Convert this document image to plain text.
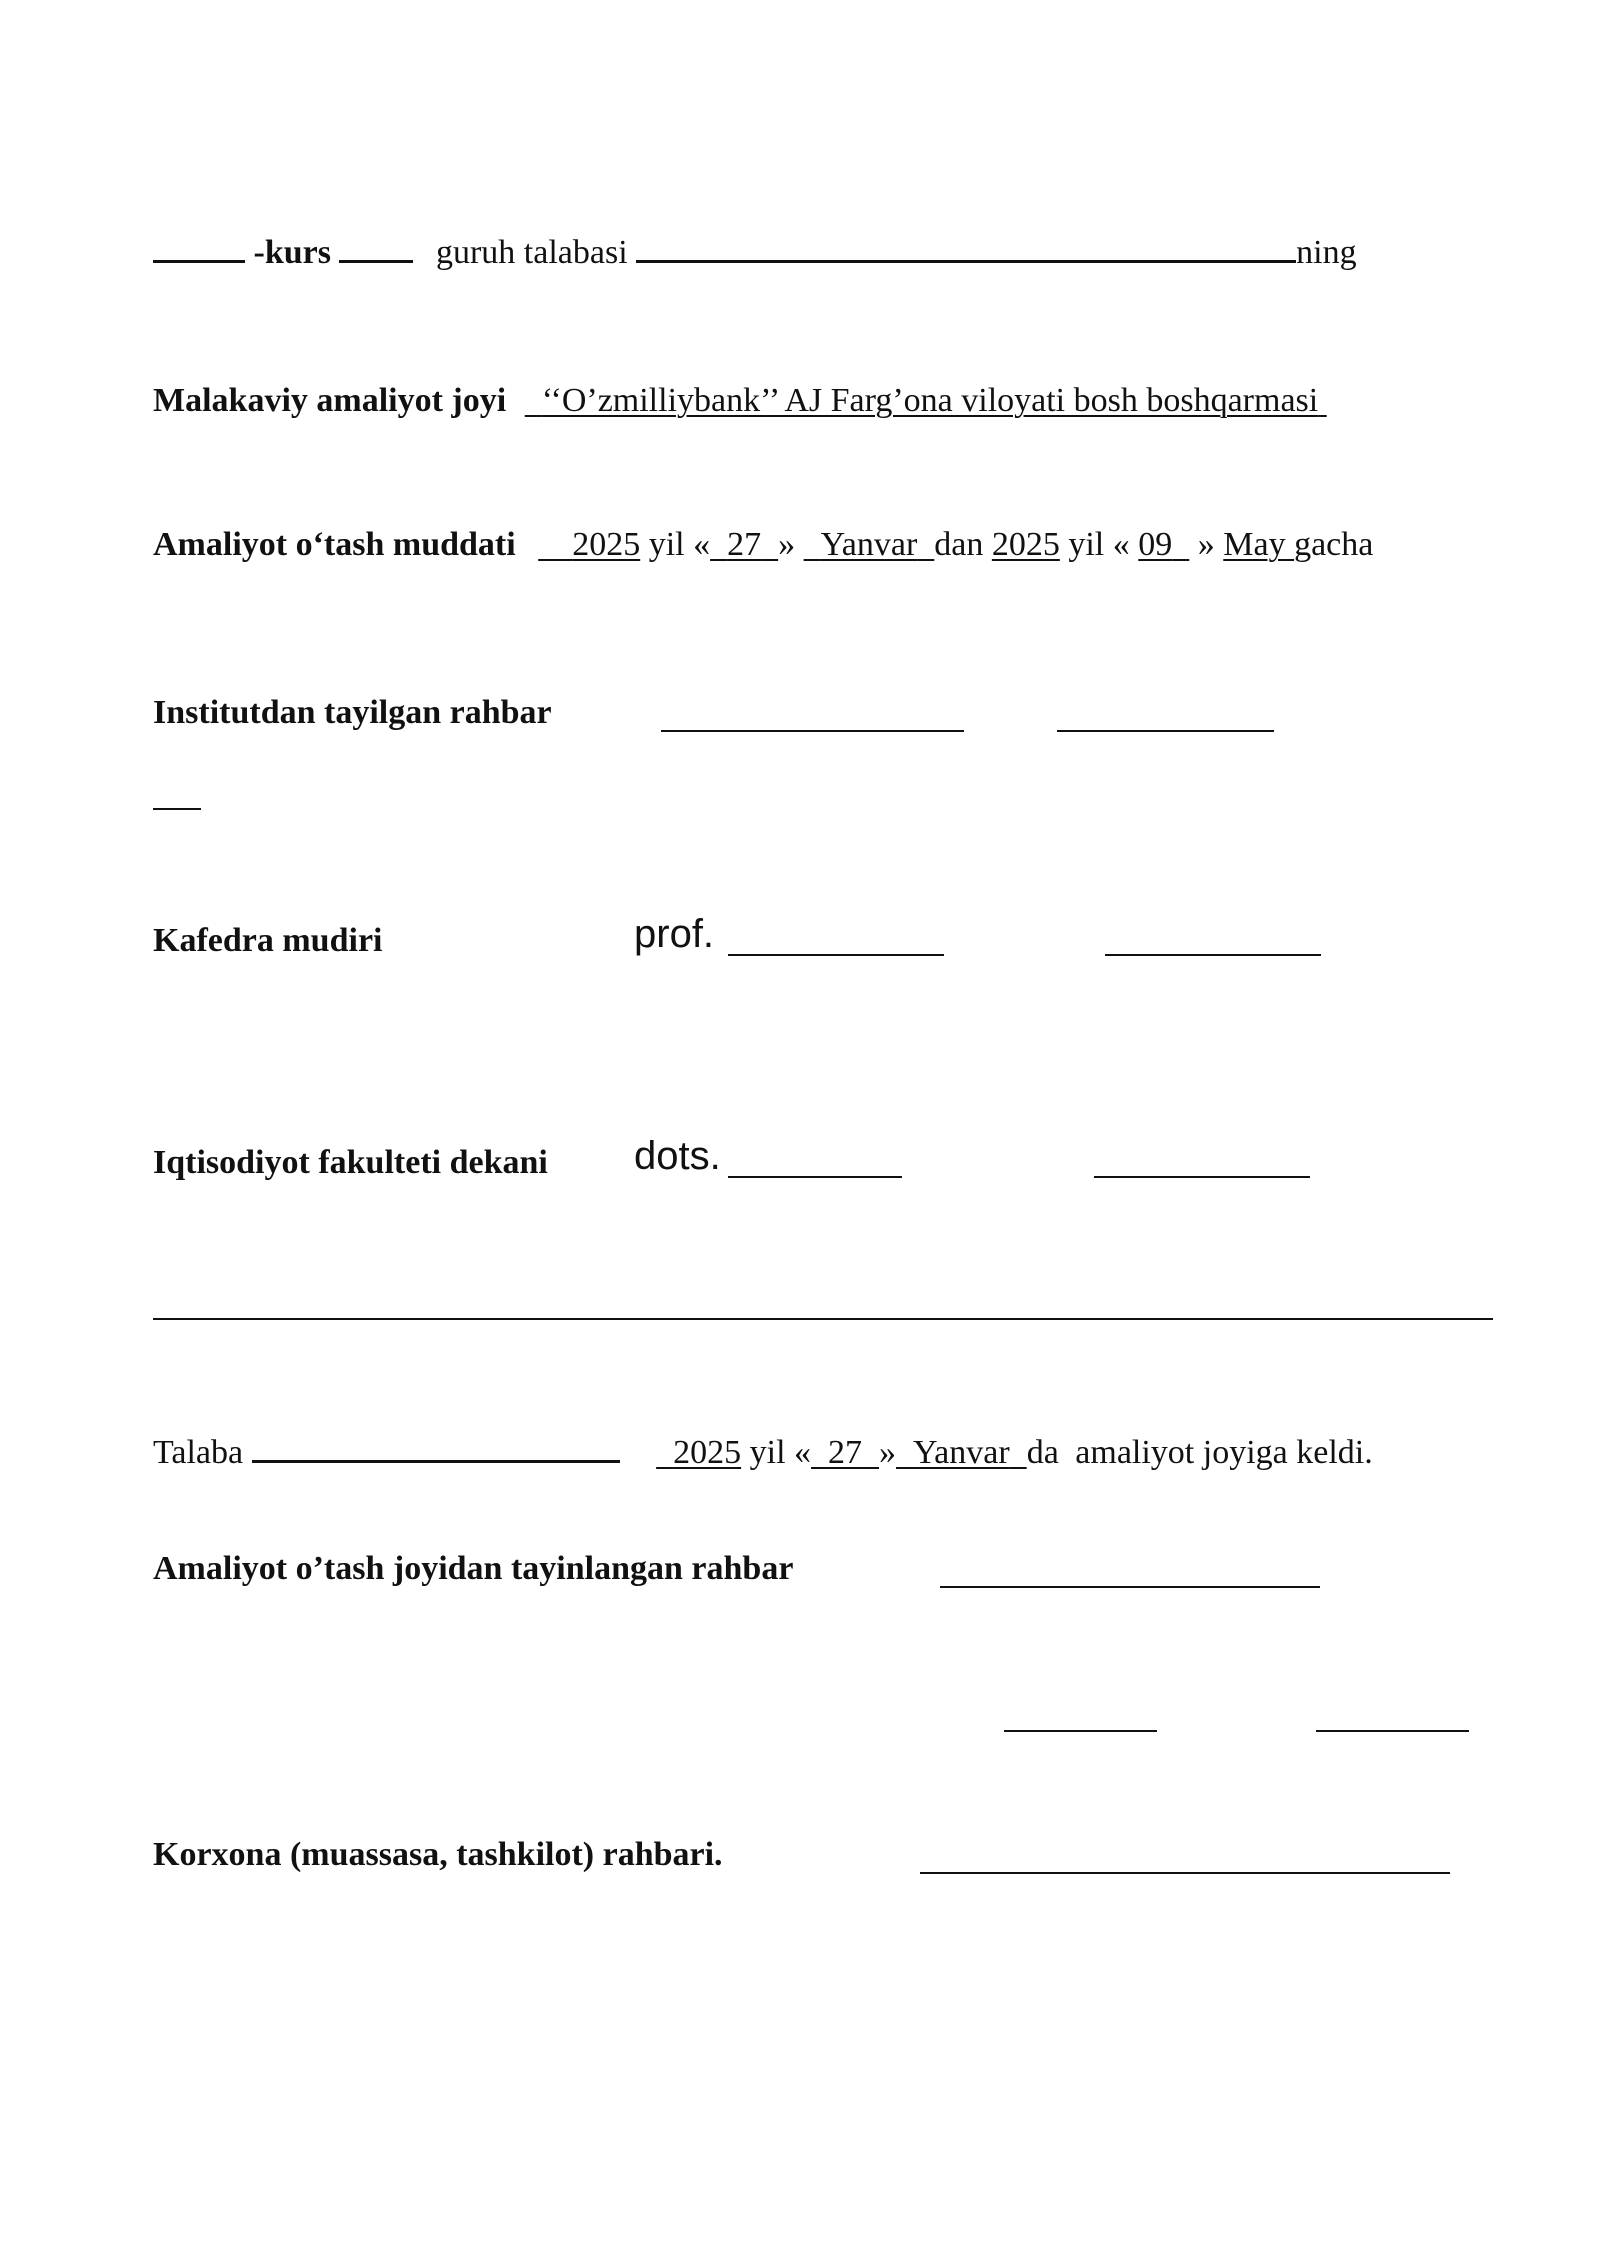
-kurs	guruh talabasi	ning
Malakaviy amaliyot joyi ‘‘O’zmilliybank’’ AJ Farg’ona viloyati bosh boshqarmasi
Amaliyot o‘tash muddati 2025 yil « 27 » Yanvar dan 2025 yil « 09 » May gacha
Institutdan tayilgan rahbar
Kafedra mudiri	prof.
Iqtisodiyot fakulteti dekani dots.
Talaba	2025 yil « 27 » Yanvar da amaliyot joyiga keldi.
Amaliyot o’tash joyidan tayinlangan rahbar
Korxona (muassasa, tashkilot) rahbari.
